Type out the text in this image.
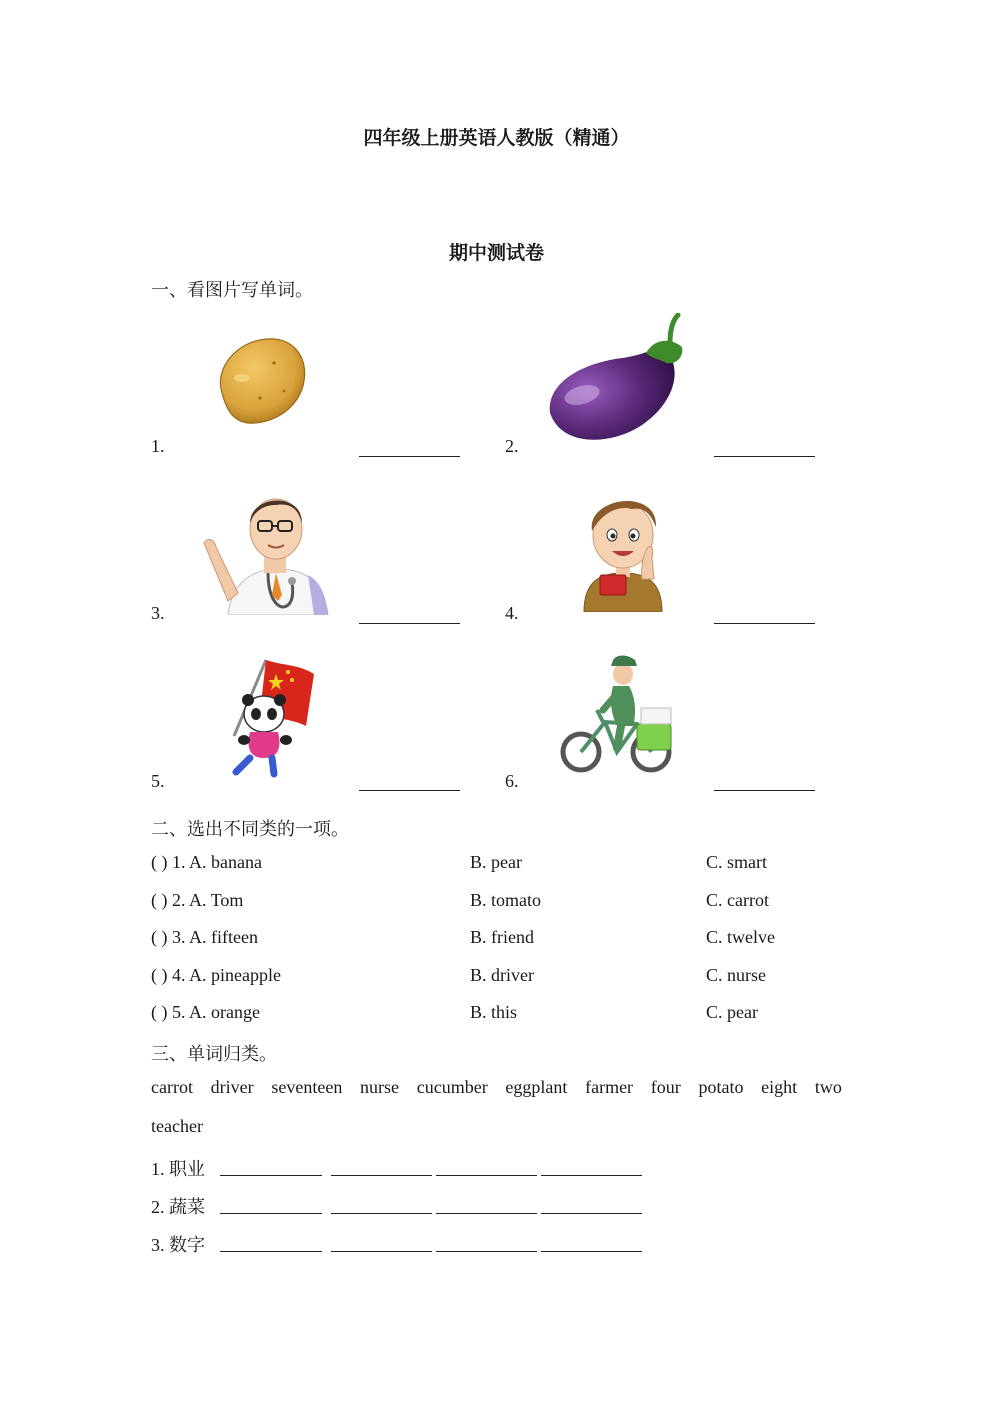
四年级上册英语人教版（精通）
期中测试卷
一、看图片写单词。
1.	2.
3.	4.
5.	6.
二、选出不同类的一项。
( ) 1. A. banana	B. pear	C. smart
( ) 2. A. Tom	B. tomato	C. carrot
( ) 3. A. fifteen	B. friend	C. twelve
( ) 4. A. pineapple	B. driver	C. nurse
( ) 5. A. orange	B. this	C. pear
三、单词归类。
carrot driver seventeen nurse cucumber eggplant farmer four potato eight two
teacher
1. 职业
2. 蔬菜
3. 数字
